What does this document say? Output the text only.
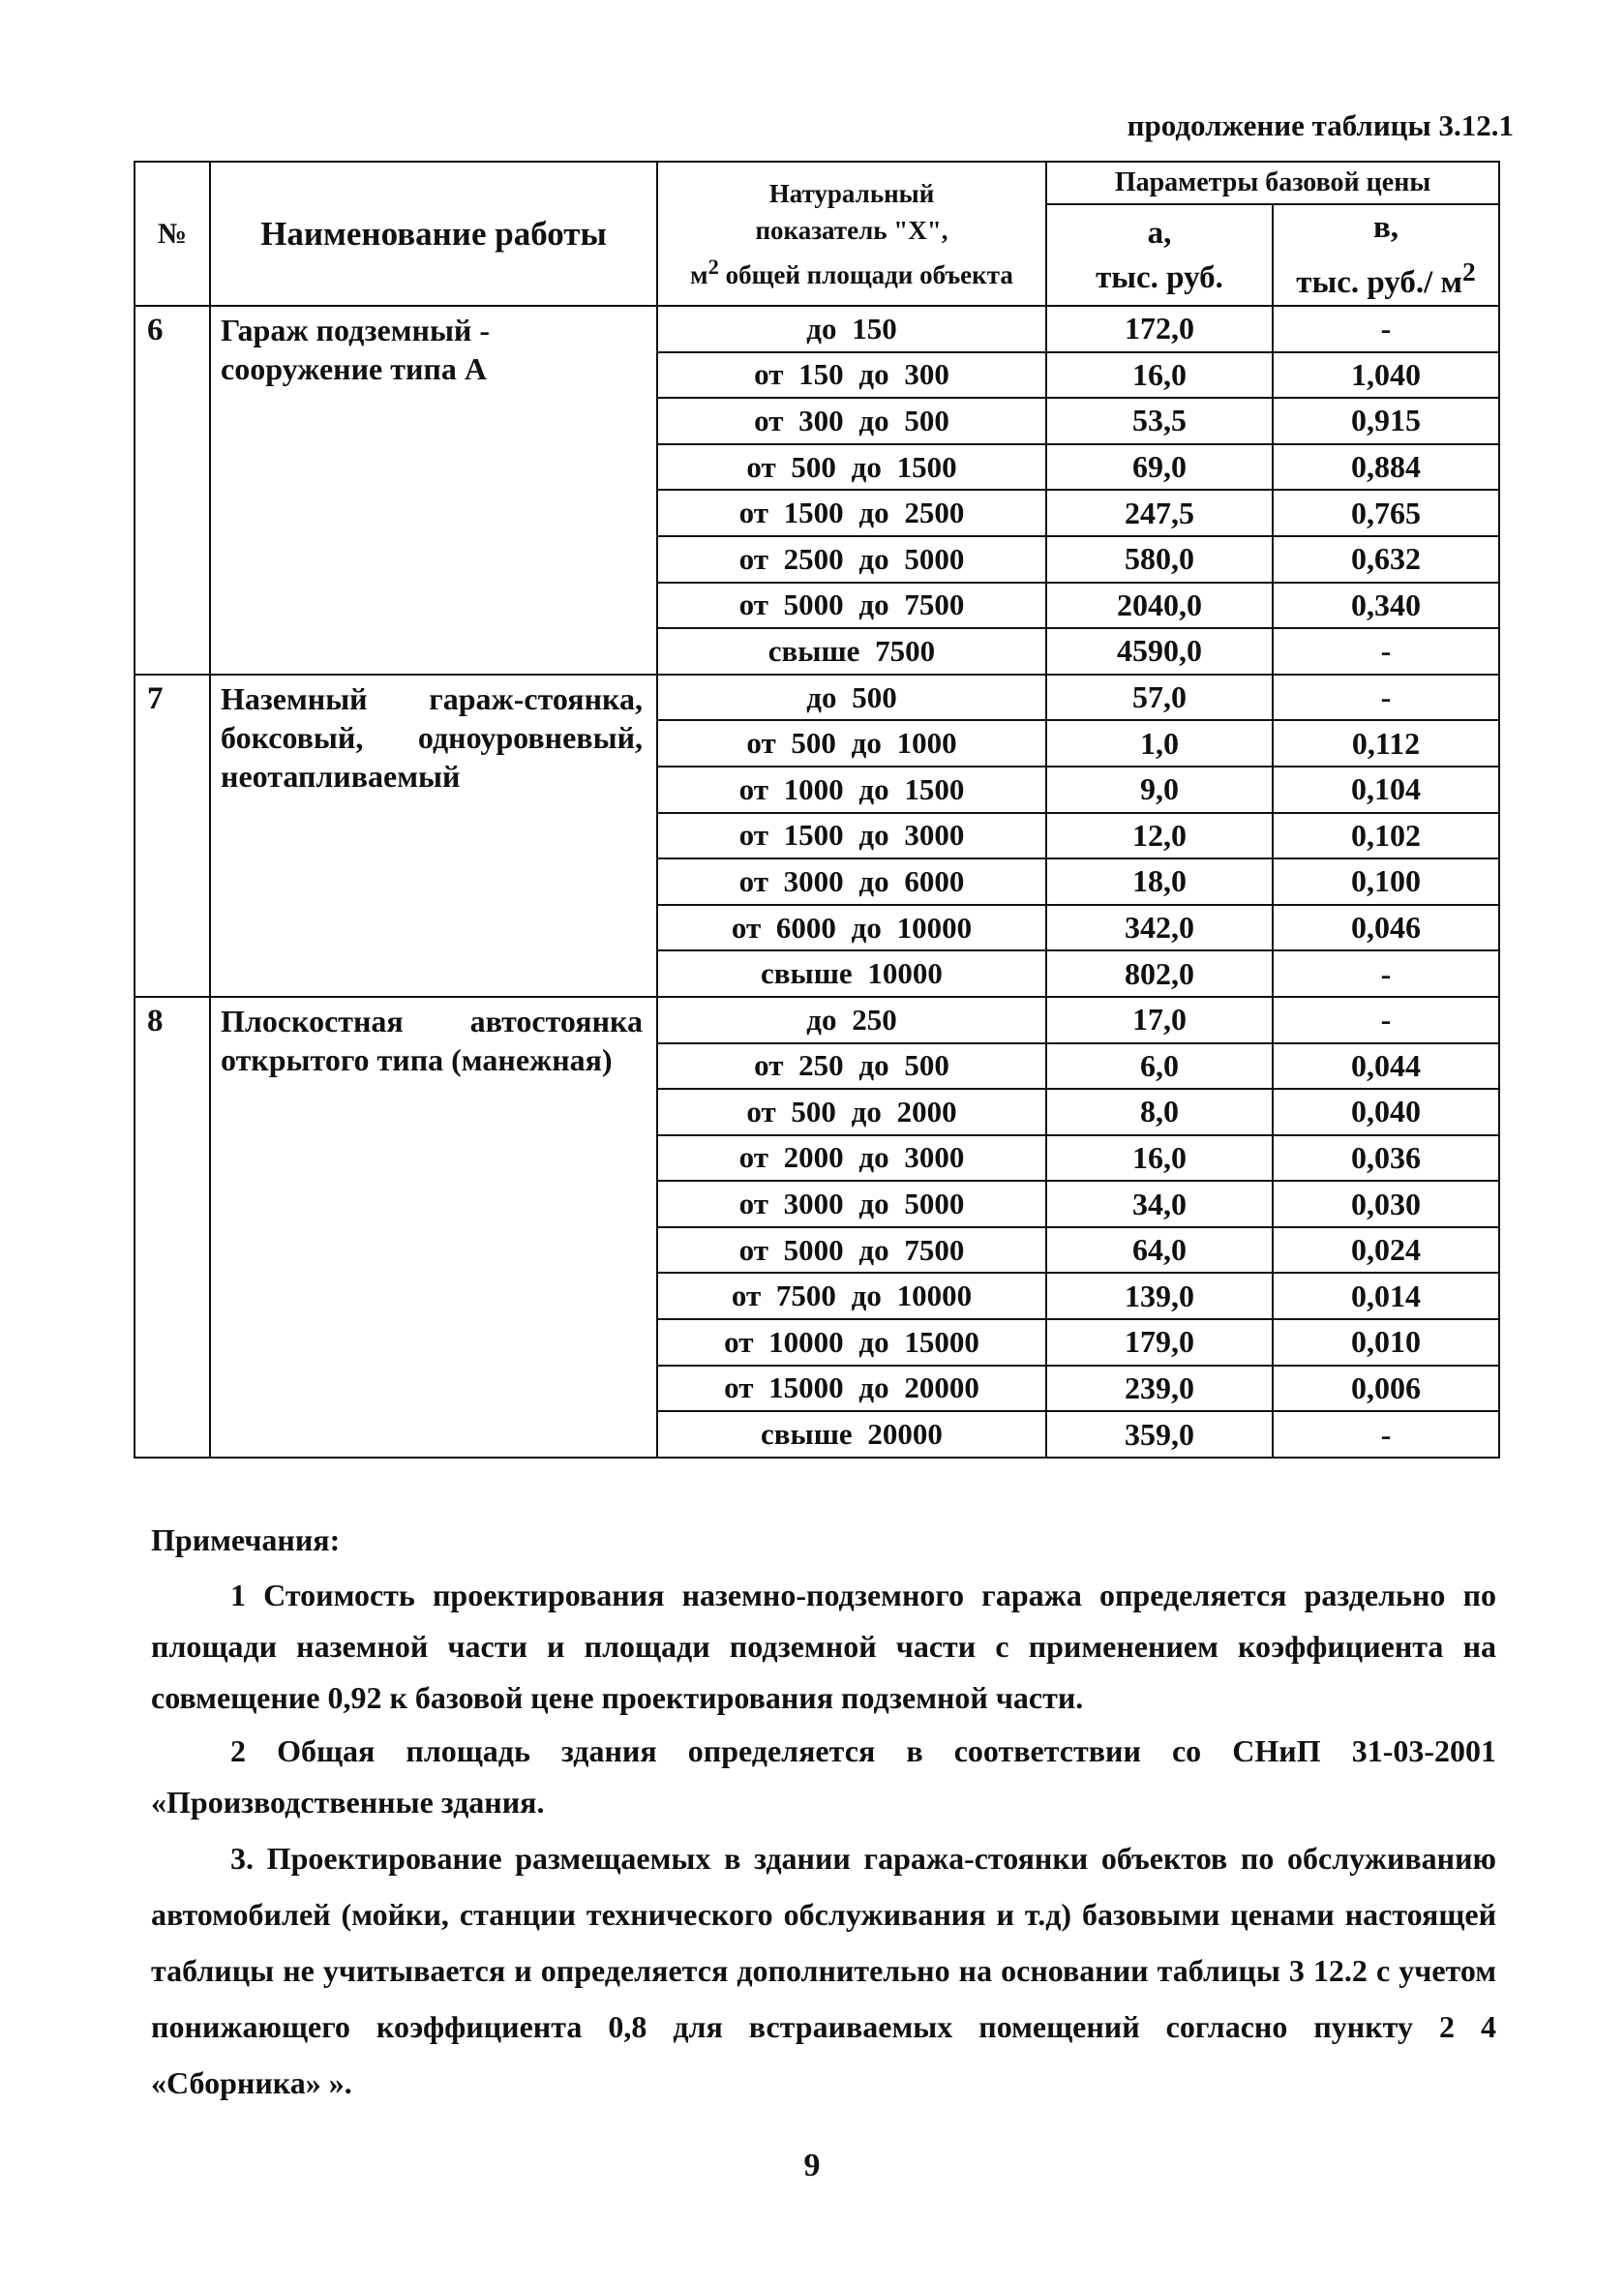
продолжение таблицы 3.12.1
№	Наименование работы	Натуральный
показатель "X",
$м^2$ общей площади объекта	Параметры базовой цены	
			а,
тыс. руб.	в,
тыс. руб./ $м^2$
6	Гараж подземный - сооружение типа А	до 150	172,0	-
		от 150 до 300	16,0	1,040
		от 300 до 500	53,5	0,915
		от 500 до 1500	69,0	0,884
		от 1500 до 2500	247,5	0,765
		от 2500 до 5000	580,0	0,632
		от 5000 до 7500	2040,0	0,340
		свыше 7500	4590,0	-
7	Наземный гараж-стоянка, боксовый, одноуровневый, неотапливаемый	до 500	57,0	-
		от 500 до 1000	1,0	0,112
		от 1000 до 1500	9,0	0,104
		от 1500 до 3000	12,0	0,102
		от 3000 до 6000	18,0	0,100
		от 6000 до 10000	342,0	0,046
		свыше 10000	802,0	-
8	Плоскостная автостоянка открытого типа (манежная)	до 250	17,0	-
		от 250 до 500	6,0	0,044
		от 500 до 2000	8,0	0,040
		от 2000 до 3000	16,0	0,036
		от 3000 до 5000	34,0	0,030
		от 5000 до 7500	64,0	0,024
		от 7500 до 10000	139,0	0,014
		от 10000 до 15000	179,0	0,010
		от 15000 до 20000	239,0	0,006
		свыше 20000	359,0	-
Примечания:

1 Стоимость проектирования наземно-подземного гаража определяется раздельно по площади наземной части и площади подземной части с применением коэффициента на совмещение 0,92 к базовой цене проектирования подземной части.

2 Общая площадь здания определяется в соответствии со СНиП 31-03-2001 «Производственные здания.

3. Проектирование размещаемых в здании гаража-стоянки объектов по обслуживанию автомобилей (мойки, станции технического обслуживания и т.д) базовыми ценами настоящей таблицы не учитывается и определяется дополнительно на основании таблицы 3 12.2 с учетом понижающего коэффициента 0,8 для встраиваемых помещений согласно пункту 2 4 «Сборника» ».

9
